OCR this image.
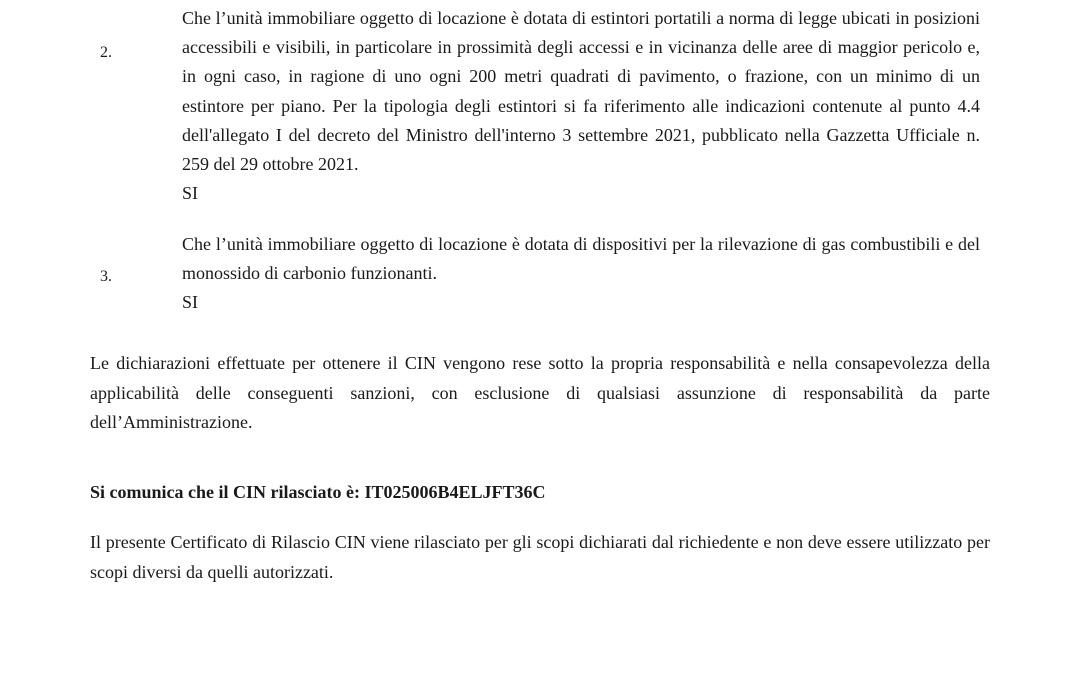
2.
Che l’unità immobiliare oggetto di locazione è dotata di estintori portatili a norma di legge ubicati in posizioni accessibili e visibili, in particolare in prossimità degli accessi e in vicinanza delle aree di maggior pericolo e, in ogni caso, in ragione di uno ogni 200 metri quadrati di pavimento, o frazione, con un minimo di un estintore per piano. Per la tipologia degli estintori si fa riferimento alle indicazioni contenute al punto 4.4 dell'allegato I del decreto del Ministro dell'interno 3 settembre 2021, pubblicato nella Gazzetta Ufficiale n. 259 del 29 ottobre 2021.
SI
3.
Che l’unità immobiliare oggetto di locazione è dotata di dispositivi per la rilevazione di gas combustibili e del monossido di carbonio funzionanti.
SI
Le dichiarazioni effettuate per ottenere il CIN vengono rese sotto la propria responsabilità e nella consapevolezza della applicabilità delle conseguenti sanzioni, con esclusione di qualsiasi assunzione di responsabilità da parte dell’Amministrazione.
Si comunica che il CIN rilasciato è: IT025006B4ELJFT36C
Il presente Certificato di Rilascio CIN viene rilasciato per gli scopi dichiarati dal richiedente e non deve essere utilizzato per scopi diversi da quelli autorizzati.
